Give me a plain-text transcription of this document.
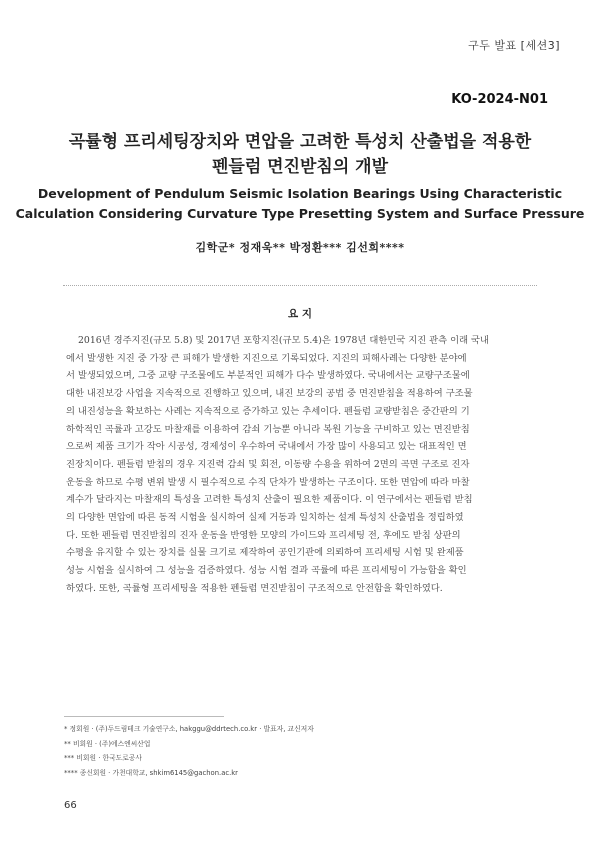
구두 발표 [세션3]
KO-2024-N01
곡률형 프리세팅장치와 면압을 고려한 특성치 산출법을 적용한
펜들럼 면진받침의 개발
Development of Pendulum Seismic Isolation Bearings Using Characteristic
Calculation Considering Curvature Type Presetting System and Surface Pressure
김학군* 정재욱** 박정환*** 김선희****
요 지
2016년 경주지진(규모 5.8) 및 2017년 포항지진(규모 5.4)은 1978년 대한민국 지진 관측 이래 국내
에서 발생한 지진 중 가장 큰 피해가 발생한 지진으로 기록되었다. 지진의 피해사례는 다양한 분야에
서 발생되었으며, 그중 교량 구조물에도 부분적인 피해가 다수 발생하였다. 국내에서는 교량구조물에
대한 내진보강 사업을 지속적으로 진행하고 있으며, 내진 보강의 공법 중 면진받침을 적용하여 구조물
의 내진성능을 확보하는 사례는 지속적으로 증가하고 있는 추세이다. 펜들럼 교량받침은 중간판의 기
하학적인 곡률과 고강도 마찰재를 이용하여 감쇠 기능뿐 아니라 복원 기능을 구비하고 있는 면진받침
으로써 제품 크기가 작아 시공성, 경제성이 우수하여 국내에서 가장 많이 사용되고 있는 대표적인 면
진장치이다. 펜들럼 받침의 경우 지진력 감쇠 및 회전, 이동량 수용을 위하여 2면의 곡면 구조로 진자
운동을 하므로 수평 변위 발생 시 필수적으로 수직 단차가 발생하는 구조이다. 또한 면압에 따라 마찰
계수가 달라지는 마찰재의 특성을 고려한 특성치 산출이 필요한 제품이다. 이 연구에서는 펜들럼 받침
의 다양한 면압에 따른 동적 시험을 실시하여 실제 거동과 일치하는 설계 특성치 산출법을 정립하였
다. 또한 펜들럼 면진받침의 진자 운동을 반영한 모양의 가이드와 프리세팅 전, 후에도 받침 상판의
수평을 유지할 수 있는 장치를 실물 크기로 제작하여 공인기관에 의뢰하여 프리세팅 시험 및 완제품
성능 시험을 실시하여 그 성능을 검증하였다. 성능 시험 결과 곡률에 따른 프리세팅이 가능함을 확인
하였다. 또한, 곡률형 프리세팅을 적용한 펜들럼 면진받침이 구조적으로 안전함을 확인하였다.
* 정회원 · (주)두드림테크 기술연구소, hakggu@ddrtech.co.kr · 발표자, 교신저자
** 비회원 · (주)에스엔씨산업
*** 비회원 · 한국도로공사
**** 종신회원 · 가천대학교, shkim6145@gachon.ac.kr
66
